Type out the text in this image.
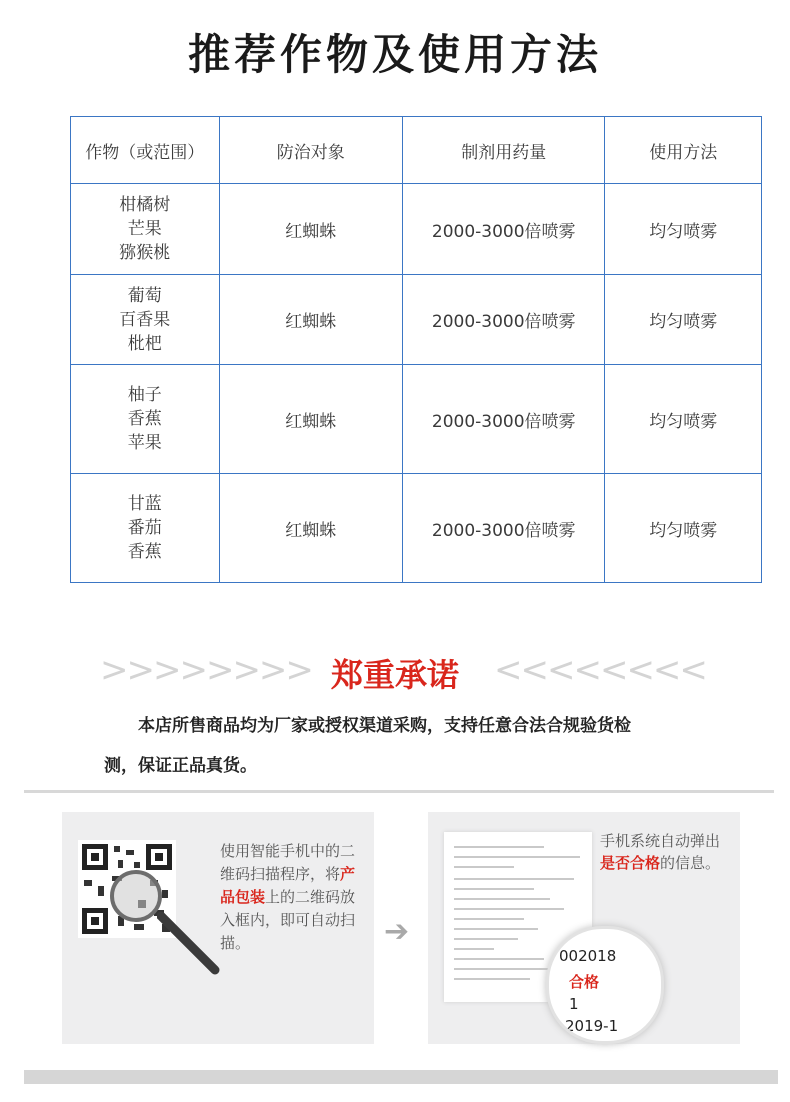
推荐作物及使用方法
作物（或范围）	防治对象	制剂用药量	使用方法

柑橘树
芒果
猕猴桃	红蜘蛛	2000-3000倍喷雾	均匀喷雾

葡萄
百香果
枇杷	红蜘蛛	2000-3000倍喷雾	均匀喷雾

柚子
香蕉
苹果	红蜘蛛	2000-3000倍喷雾	均匀喷雾

甘蓝
番茄
香蕉	红蜘蛛	2000-3000倍喷雾	均匀喷雾
>>>>>>>>	<<<<<<<<
郑重承诺
本店所售商品均为厂家或授权渠道采购，支持任意合法合规验货检
测，保证正品真货。
使用智能手机中的二维码扫描程序，将产品包装上的二维码放入框内，即可自动扫描。	➔
手机系统自动弹出
是否合格的信息。
002018
合格
1
2019-1
